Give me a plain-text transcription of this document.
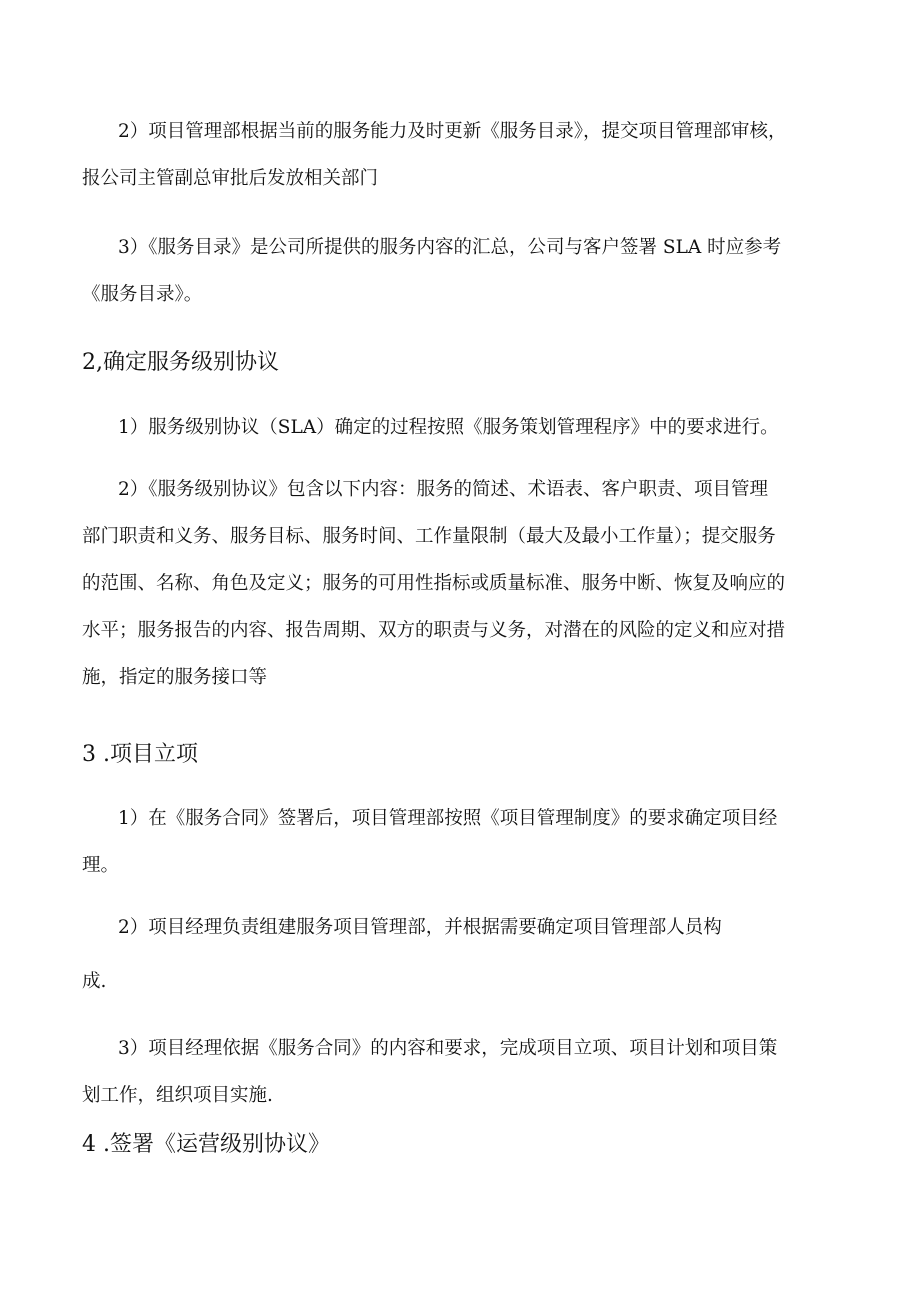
2）项目管理部根据当前的服务能力及时更新《服务目录》，提交项目管理部审核，
报公司主管副总审批后发放相关部门
3）《服务目录》是公司所提供的服务内容的汇总，公司与客户签署 SLA 时应参考
《服务目录》。
2,确定服务级别协议
1）服务级别协议（SLA）确定的过程按照《服务策划管理程序》中的要求进行。
2）《服务级别协议》包含以下内容：服务的简述、术语表、客户职责、项目管理
部门职责和义务、服务目标、服务时间、工作量限制（最大及最小工作量）；提交服务
的范围、名称、角色及定义；服务的可用性指标或质量标准、服务中断、恢复及响应的
水平；服务报告的内容、报告周期、双方的职责与义务，对潜在的风险的定义和应对措
施，指定的服务接口等
3 .项目立项
1）在《服务合同》签署后，项目管理部按照《项目管理制度》的要求确定项目经
理。
2）项目经理负责组建服务项目管理部，并根据需要确定项目管理部人员构
成.
3）项目经理依据《服务合同》的内容和要求，完成项目立项、项目计划和项目策
划工作，组织项目实施.
4 .签署《运营级别协议》
